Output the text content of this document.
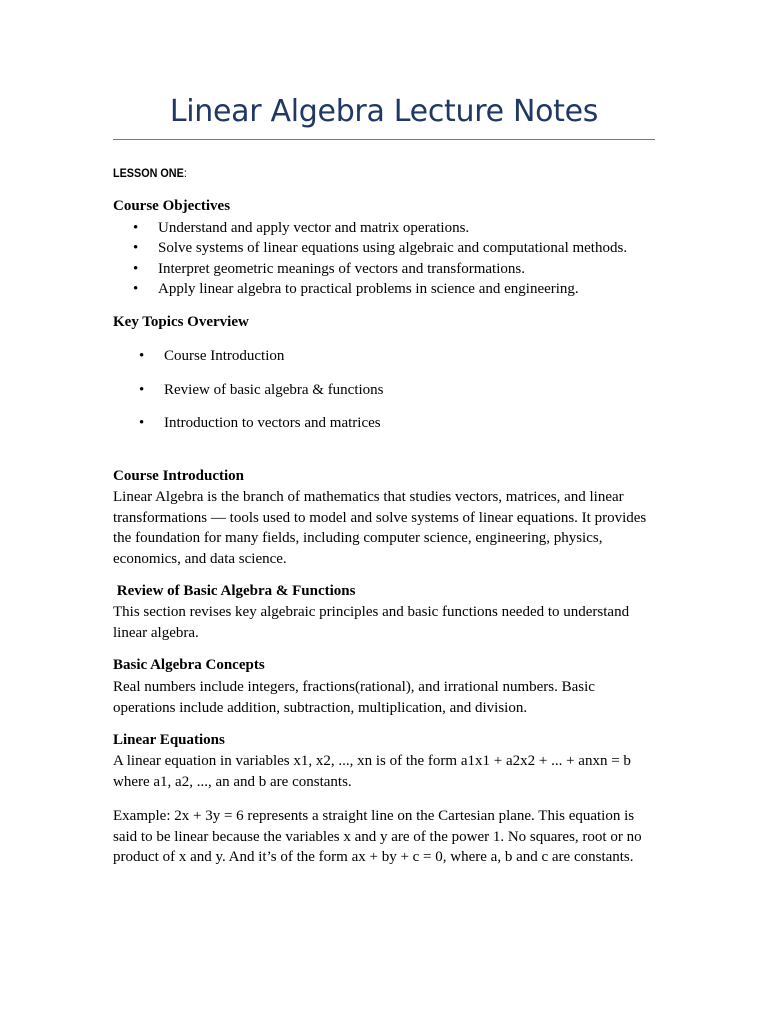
Linear Algebra Lecture Notes
LESSON ONE:
Course Objectives
• Understand and apply vector and matrix operations.
• Solve systems of linear equations using algebraic and computational methods.
• Interpret geometric meanings of vectors and transformations.
• Apply linear algebra to practical problems in science and engineering.
Key Topics Overview
• Course Introduction
• Review of basic algebra & functions
• Introduction to vectors and matrices
Course Introduction
Linear Algebra is the branch of mathematics that studies vectors, matrices, and linear transformations — tools used to model and solve systems of linear equations. It provides the foundation for many fields, including computer science, engineering, physics, economics, and data science.
Review of Basic Algebra & Functions
This section revises key algebraic principles and basic functions needed to understand linear algebra.
Basic Algebra Concepts
Real numbers include integers, fractions(rational), and irrational numbers. Basic operations include addition, subtraction, multiplication, and division.
Linear Equations
A linear equation in variables x1, x2, ..., xn is of the form a1x1 + a2x2 + ... + anxn = b where a1, a2, ..., an and b are constants.
Example: 2x + 3y = 6 represents a straight line on the Cartesian plane. This equation is said to be linear because the variables x and y are of the power 1. No squares, root or no product of x and y. And it’s of the form ax + by + c = 0, where a, b and c are constants.
